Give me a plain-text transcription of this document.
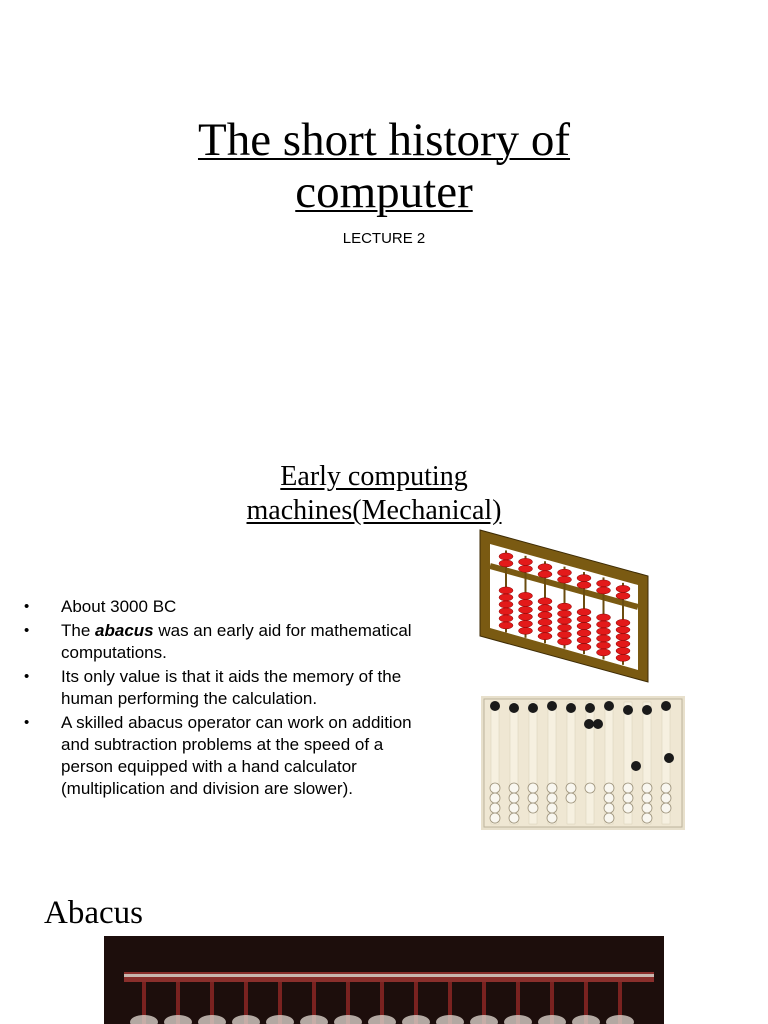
The short history of
computer
LECTURE 2
Early computing
machines(Mechanical)
• About 3000 BC
• The abacus was an early aid for mathematical computations.
• Its only value is that it aids the memory of the human performing the calculation.
• A skilled abacus operator can work on addition and subtraction problems at the speed of a person equipped with a hand calculator (multiplication and division are slower).
Abacus
